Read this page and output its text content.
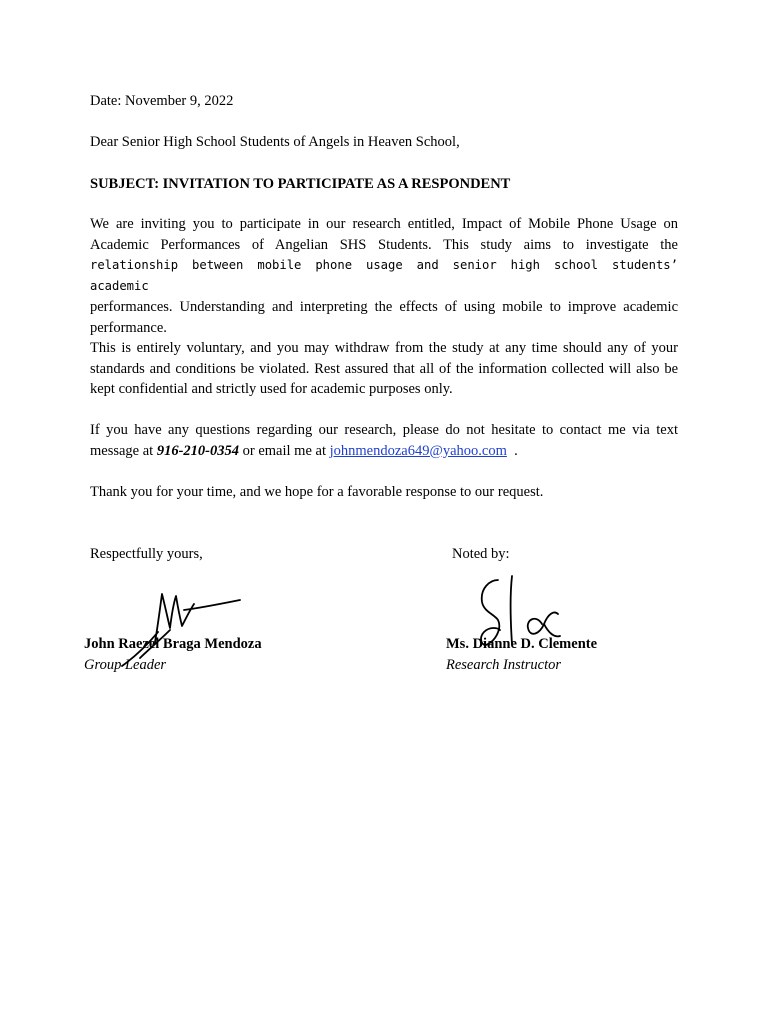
Date: November 9, 2022

Dear Senior High School Students of Angels in Heaven School,

SUBJECT: INVITATION TO PARTICIPATE AS A RESPONDENT

We are inviting you to participate in our research entitled, Impact of Mobile Phone Usage on
Academic Performances of Angelian SHS Students. This study aims to investigate the
relationship between mobile phone usage and senior high school students’ academic
performances. Understanding and interpreting the effects of using mobile to improve academic
performance.

This is entirely voluntary, and you may withdraw from the study at any time should any of your standards and conditions be violated. Rest assured that all of the information collected will also be kept confidential and strictly used for academic purposes only.

If you have any questions regarding our research, please do not hesitate to contact me via text message at 916-210-0354 or email me at johnmendoza649@yahoo.com .

Thank you for your time, and we hope for a favorable response to our request.

Respectfully yours,	Noted by:

John Raezel Braga Mendoza

Group Leader

Ms. Dianne D. Clemente

Research Instructor
